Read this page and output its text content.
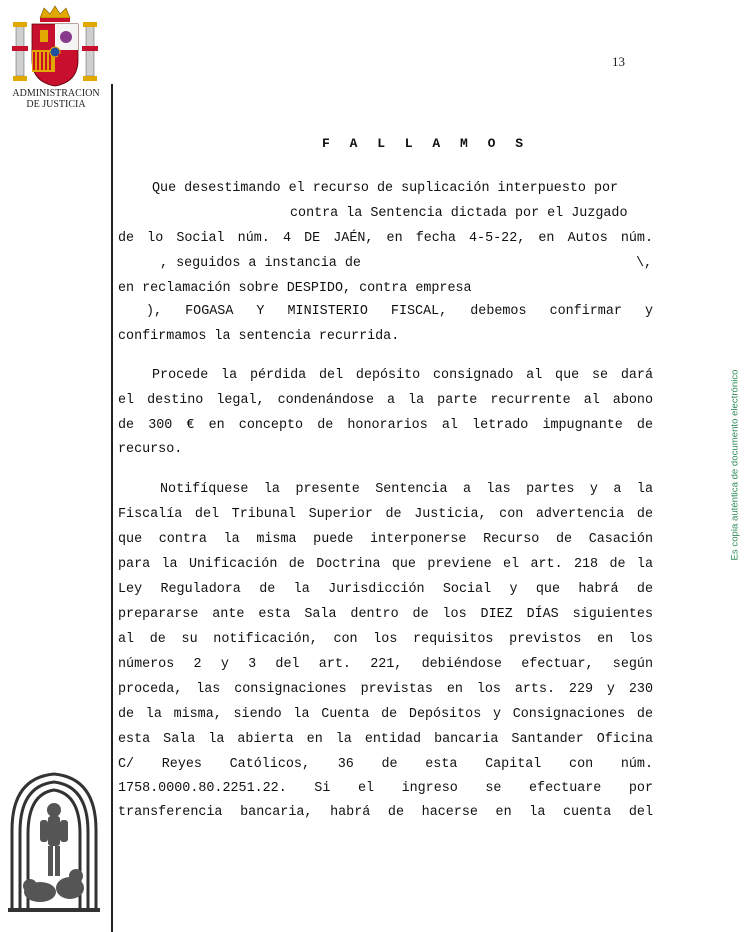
ADMINISTRACION
DE JUSTICIA
13
F A L L A M O S
Que desestimando el recurso de suplicación interpuesto por
contra la Sentencia dictada por el Juzgado
de lo Social núm. 4 DE JAÉN, en fecha 4-5-22, en Autos núm.
, seguidos a instancia de	\,
en reclamación sobre DESPIDO, contra empresa
), FOGASA Y MINISTERIO FISCAL, debemos confirmar y
confirmamos la sentencia recurrida.
Procede la pérdida del depósito consignado al que se dará
el destino legal, condenándose a la parte recurrente al abono
de 300 € en concepto de honorarios al letrado impugnante de
recurso.
Notifíquese la presente Sentencia a las partes y a la
Fiscalía del Tribunal Superior de Justicia, con advertencia de
que contra la misma puede interponerse Recurso de Casación
para la Unificación de Doctrina que previene el art. 218 de la
Ley Reguladora de la Jurisdicción Social y que habrá de
prepararse ante esta Sala dentro de los DIEZ DÍAS siguientes
al de su notificación, con los requisitos previstos en los
números 2 y 3 del art. 221, debiéndose efectuar, según
proceda, las consignaciones previstas en los arts. 229 y 230
de la misma, siendo la Cuenta de Depósitos y Consignaciones de
esta Sala la abierta en la entidad bancaria Santander Oficina
C/ Reyes Católicos, 36 de esta Capital con núm.
1758.0000.80.2251.22. Si el ingreso se efectuare por
transferencia bancaria, habrá de hacerse en la cuenta del
Es copia auténtica de documento electrónico
